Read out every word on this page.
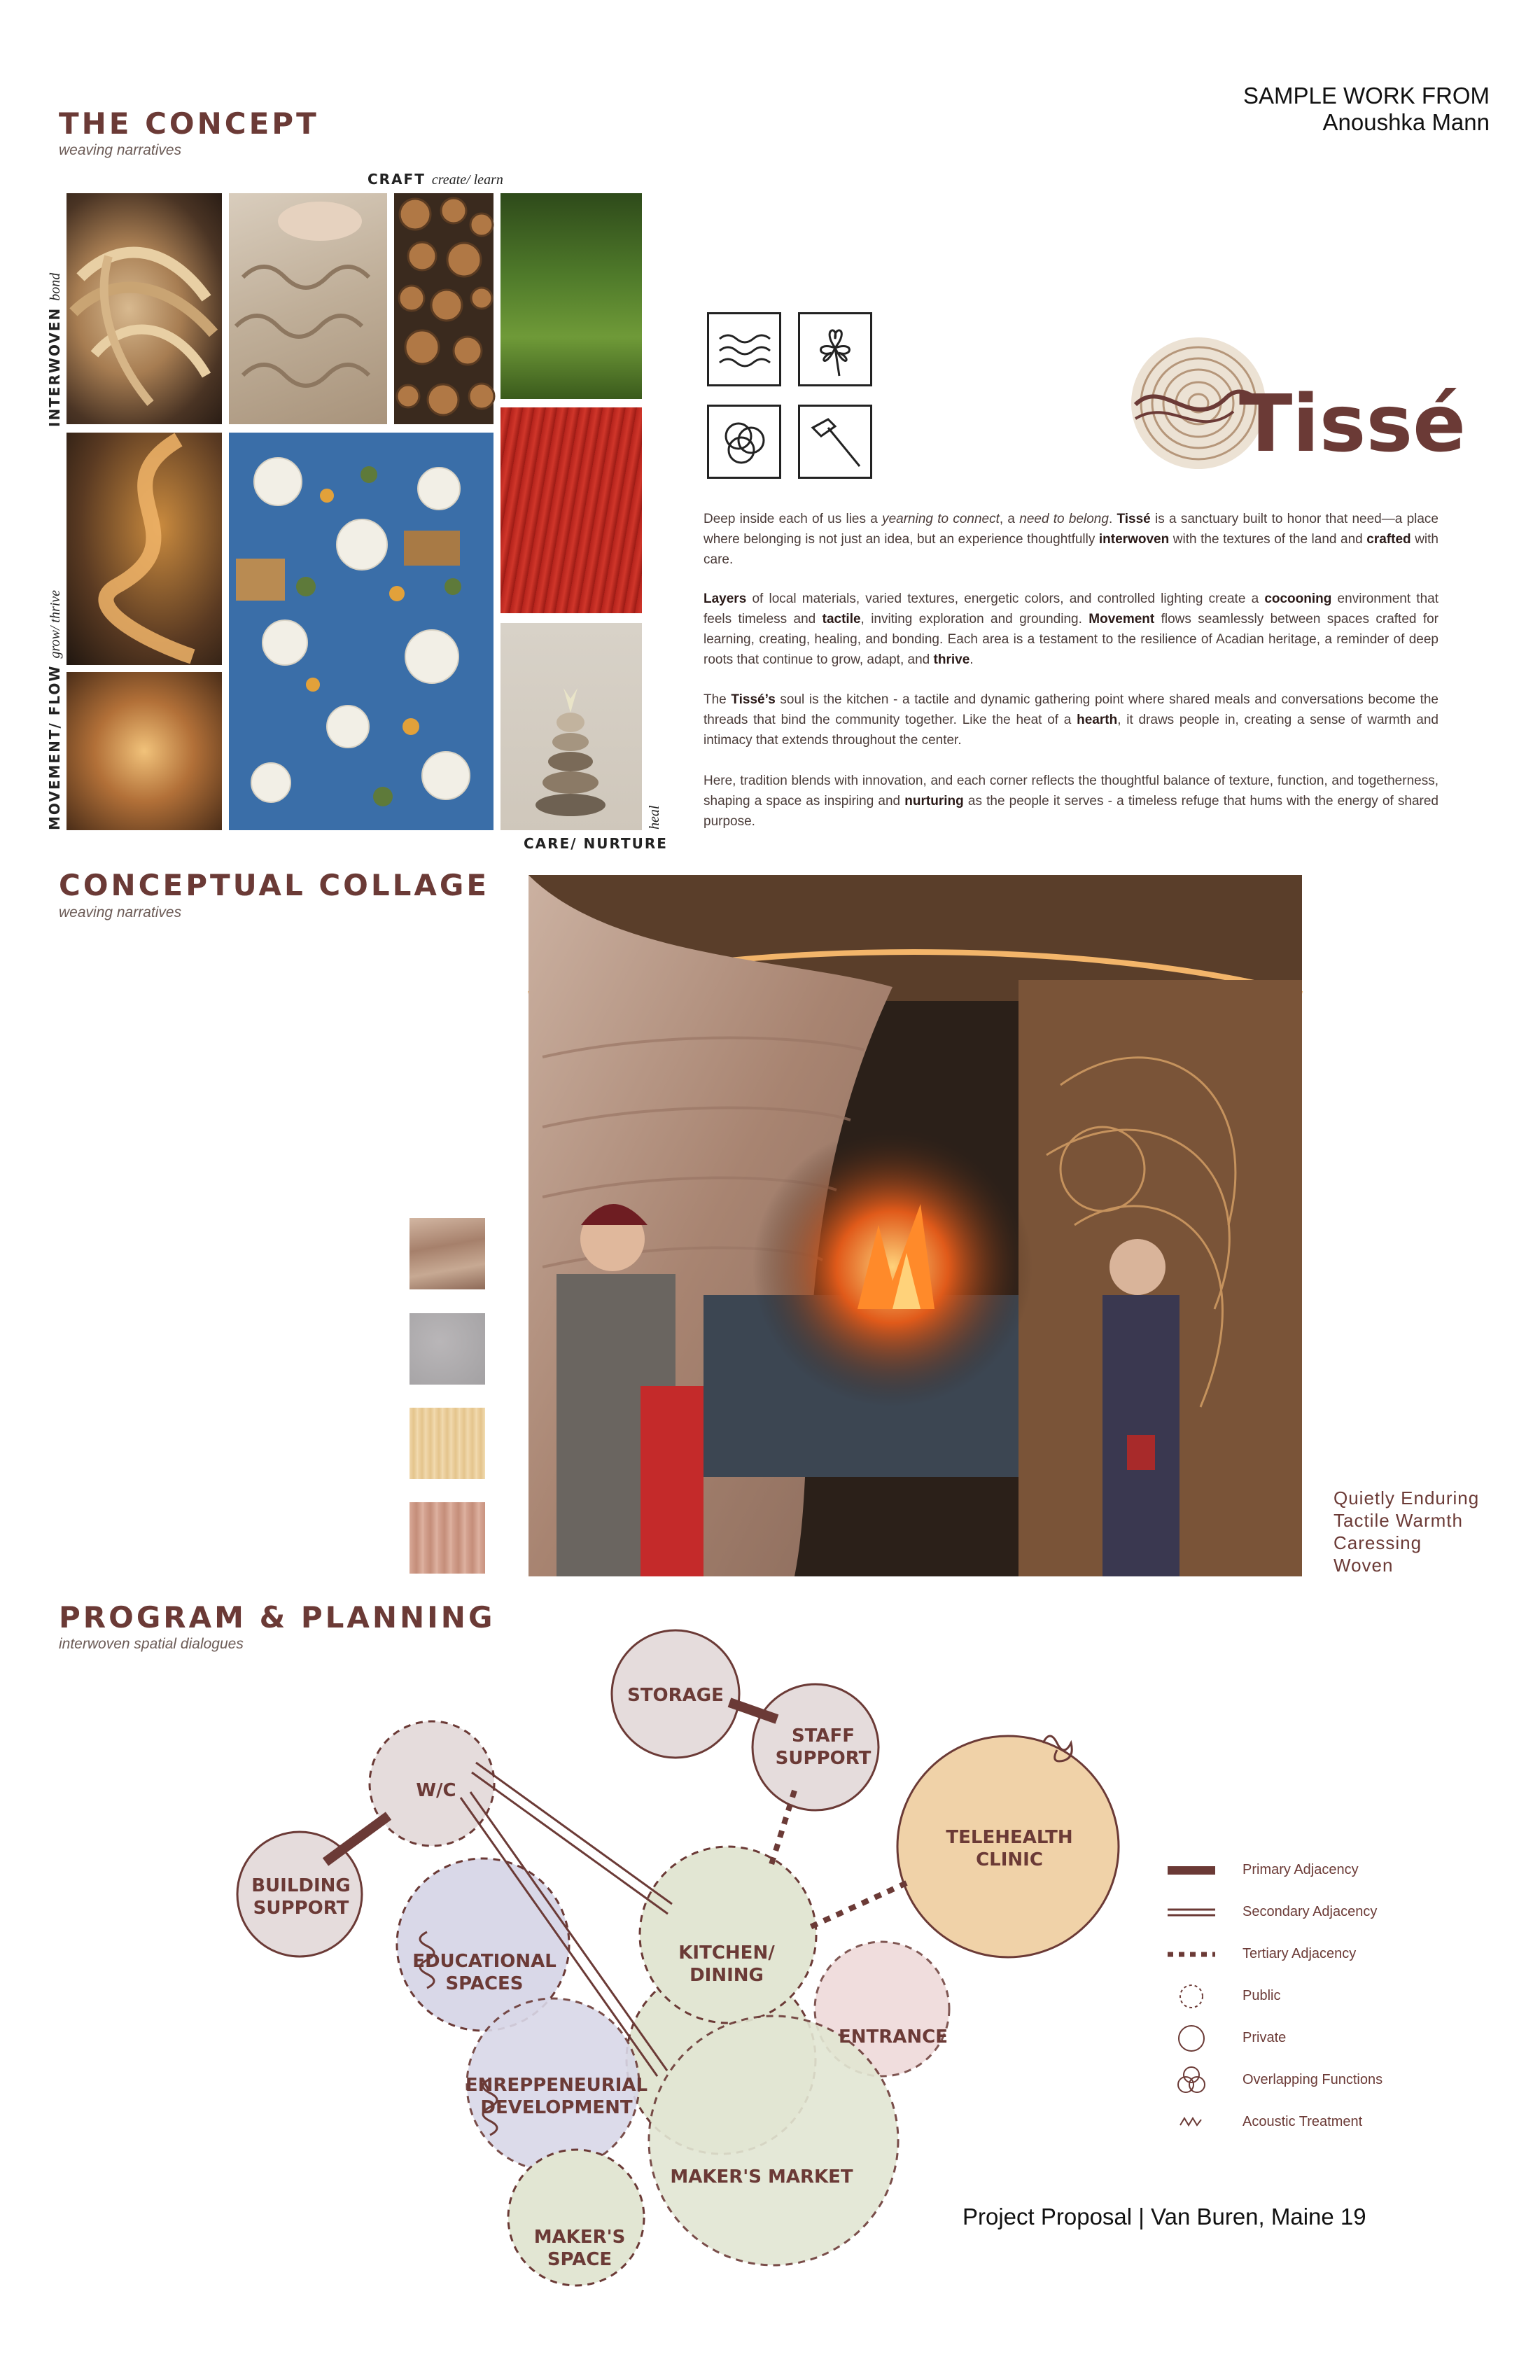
SAMPLE WORK FROM
Anoushka Mann
THE CONCEPT
weaving narratives
CRAFT create/ learn
INTERWOVEN bond
MOVEMENT/ FLOW grow/ thrive
heal
CARE/ NURTURE
Tissé

Deep inside each of us lies a yearning to connect, a need to belong. Tissé is a sanctuary built to honor that need—a place where belonging is not just an idea, but an experience thoughtfully interwoven with the textures of the land and crafted with care.

Layers of local materials, varied textures, energetic colors, and controlled lighting create a cocooning environment that feels timeless and tactile, inviting exploration and grounding. Movement flows seamlessly between spaces crafted for learning, creating, healing, and bonding. Each area is a testament to the resilience of Acadian heritage, a reminder of deep roots that continue to grow, adapt, and thrive.

The Tissé’s soul is the kitchen - a tactile and dynamic gathering point where shared meals and conversations become the threads that bind the community together. Like the heat of a hearth, it draws people in, creating a sense of warmth and intimacy that extends throughout the center.

Here, tradition blends with innovation, and each corner reflects the thoughtful balance of texture, function, and togetherness, shaping a space as inspiring and nurturing as the people it serves - a timeless refuge that hums with the energy of shared purpose.

CONCEPTUAL COLLAGE
weaving narratives
Quietly Enduring
Tactile Warmth
Caressing
Woven
PROGRAM & PLANNING
interwoven spatial dialogues
STORAGE
STAFF
SUPPORT
W/C
BUILDING
SUPPORT
TELEHEALTH
CLINIC
EDUCATIONAL
SPACES
KITCHEN/
DINING
ENTRANCE
ENREPPENEURIAL
DEVELOPMENT
MAKER'S MARKET
MAKER'S
SPACE
Primary Adjacency
Secondary Adjacency
Tertiary Adjacency
Public
Private
Overlapping Functions
Acoustic Treatment
Project Proposal | Van Buren, Maine 19
